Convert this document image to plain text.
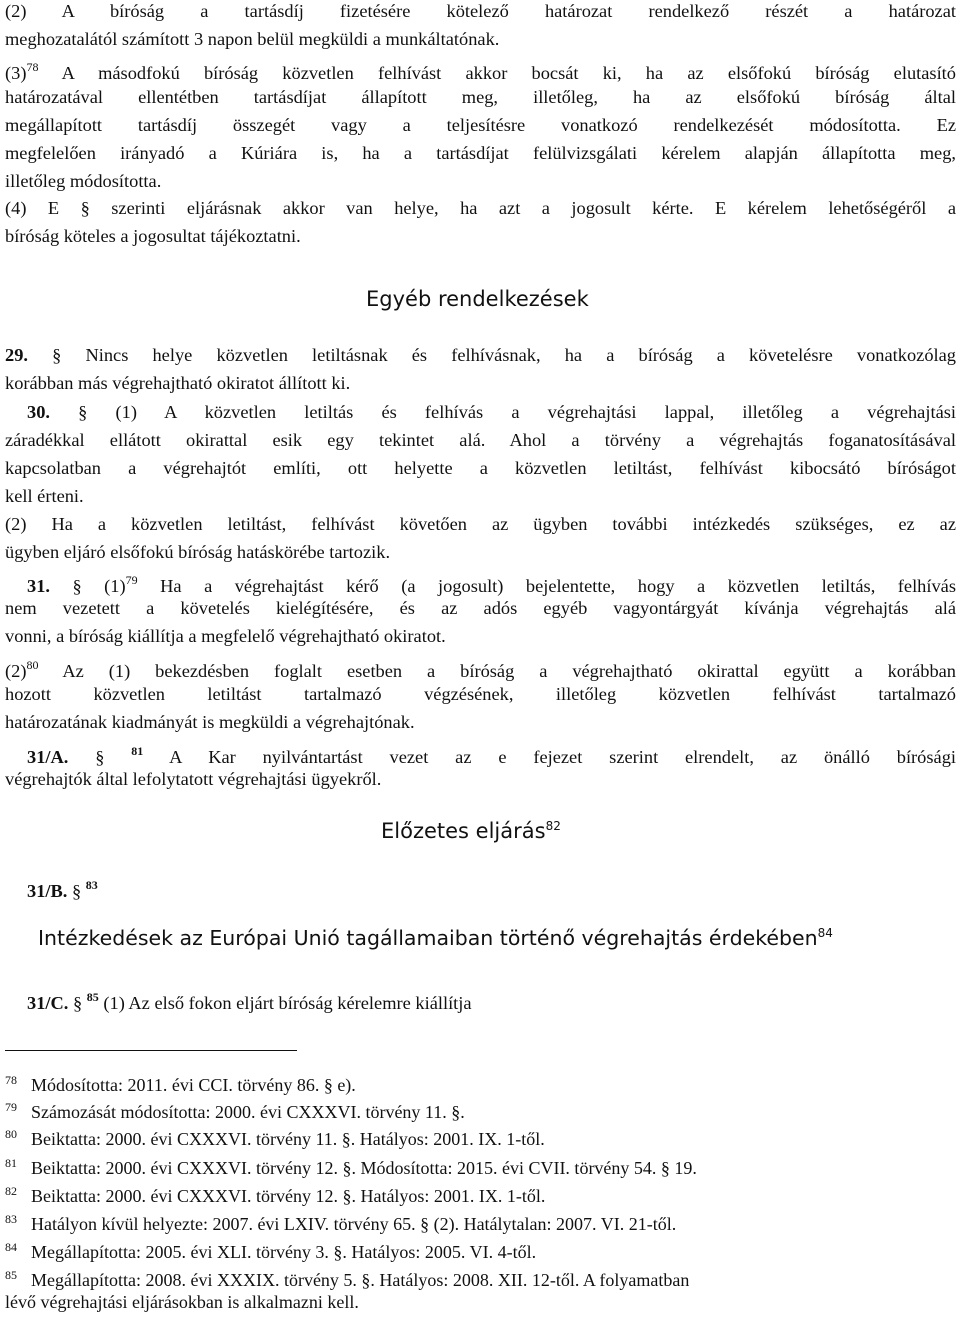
(2) A bíróság a tartásdíj fizetésére kötelező határozat rendelkező részét a határozat
meghozatalától számított 3 napon belül megküldi a munkáltatónak.
$(3)^{78}$ A másodfokú bíróság közvetlen felhívást akkor bocsát ki, ha az elsőfokú bíróság elutasító
határozatával ellentétben tartásdíjat állapított meg, illetőleg, ha az elsőfokú bíróság által
megállapított tartásdíj összegét vagy a teljesítésre vonatkozó rendelkezését módosította. Ez
megfelelően irányadó a Kúriára is, ha a tartásdíjat felülvizsgálati kérelem alapján állapította meg,
illetőleg módosította.
(4) E § szerinti eljárásnak akkor van helye, ha azt a jogosult kérte. E kérelem lehetőségéről a
bíróság köteles a jogosultat tájékoztatni.
Egyéb rendelkezések
29. § Nincs helye közvetlen letiltásnak és felhívásnak, ha a bíróság a követelésre vonatkozólag
korábban más végrehajtható okiratot állított ki.
30. § (1) A közvetlen letiltás és felhívás a végrehajtási lappal, illetőleg a végrehajtási
záradékkal ellátott okirattal esik egy tekintet alá. Ahol a törvény a végrehajtás foganatosításával
kapcsolatban a végrehajtót említi, ott helyette a közvetlen letiltást, felhívást kibocsátó bíróságot
kell érteni.
(2) Ha a közvetlen letiltást, felhívást követően az ügyben további intézkedés szükséges, ez az
ügyben eljáró elsőfokú bíróság hatáskörébe tartozik.
31. § $(1)^{79}$ Ha a végrehajtást kérő (a jogosult) bejelentette, hogy a közvetlen letiltás, felhívás
nem vezetett a követelés kielégítésére, és az adós egyéb vagyontárgyát kívánja végrehajtás alá
vonni, a bíróság kiállítja a megfelelő végrehajtható okiratot.
$(2)^{80}$ Az (1) bekezdésben foglalt esetben a bíróság a végrehajtható okirattal együtt a korábban
hozott közvetlen letiltást tartalmazó végzésének, illetőleg közvetlen felhívást tartalmazó
határozatának kiadmányát is megküldi a végrehajtónak.
31/A. § $^{81}$ A Kar nyilvántartást vezet az e fejezet szerint elrendelt, az önálló bírósági
végrehajtók által lefolytatott végrehajtási ügyekről.
Előzetes eljárás$^{82}$
31/B. § $^{83}$
Intézkedések az Európai Unió tagállamaiban történő végrehajtás érdekében$^{84}$
31/C. § $^{85}$ (1) Az első fokon eljárt bíróság kérelemre kiállítja
78 Módosította: 2011. évi CCI. törvény 86. § e).
79 Számozását módosította: 2000. évi CXXXVI. törvény 11. §.
80 Beiktatta: 2000. évi CXXXVI. törvény 11. §. Hatályos: 2001. IX. 1-től.
81 Beiktatta: 2000. évi CXXXVI. törvény 12. §. Módosította: 2015. évi CVII. törvény 54. § 19.
82 Beiktatta: 2000. évi CXXXVI. törvény 12. §. Hatályos: 2001. IX. 1-től.
83 Hatályon kívül helyezte: 2007. évi LXIV. törvény 65. § (2). Hatálytalan: 2007. VI. 21-től.
84 Megállapította: 2005. évi XLI. törvény 3. §. Hatályos: 2005. VI. 4-től.
85 Megállapította: 2008. évi XXXIX. törvény 5. §. Hatályos: 2008. XII. 12-től. A folyamatban
lévő végrehajtási eljárásokban is alkalmazni kell.
